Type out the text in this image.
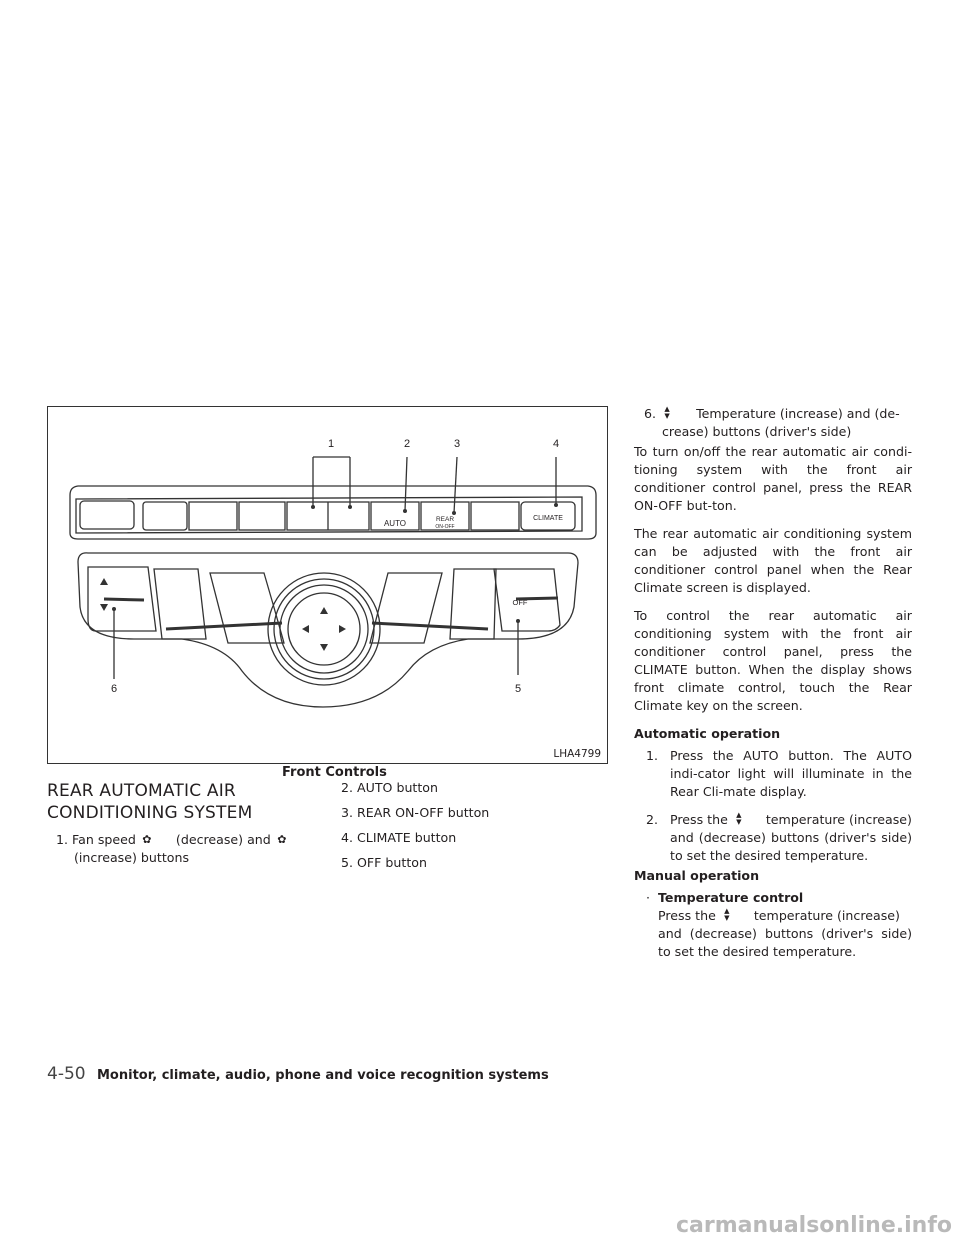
1	2	3	4
5
6
AUTO	REAR
ON-OFF
CLIMATE
OFF
LHA4799
Front Controls
REAR AUTOMATIC AIR CONDITIONING SYSTEM
1. Fan speed ✿ (decrease) and ✿
(increase) buttons

2. AUTO button

3. REAR ON-OFF button

4. CLIMATE button

5. OFF button

6. ▲
▼ Temperature (increase) and (de-
crease) buttons (driver's side)

To turn on/off the rear automatic air condi-tioning system with the front air conditioner control panel, press the REAR ON-OFF but-ton.

The rear automatic air conditioning system can be adjusted with the front air conditioner control panel when the Rear Climate screen is displayed.

To control the rear automatic air conditioning system with the front air conditioner control panel, press the CLIMATE button. When the display shows front climate control, touch the Rear Climate key on the screen.

Automatic operation

1. Press the AUTO button. The AUTO indi-cator light will illuminate in the Rear Cli-mate display.
2. Press the ▲
▼ temperature (increase)
and (decrease) buttons (driver's side) to set the desired temperature.

Manual operation

· Temperature control
Press the ▲
▼ temperature (increase)
and (decrease) buttons (driver's side) to set the desired temperature.
4-50 Monitor, climate, audio, phone and voice recognition systems
carmanualsonline.info
